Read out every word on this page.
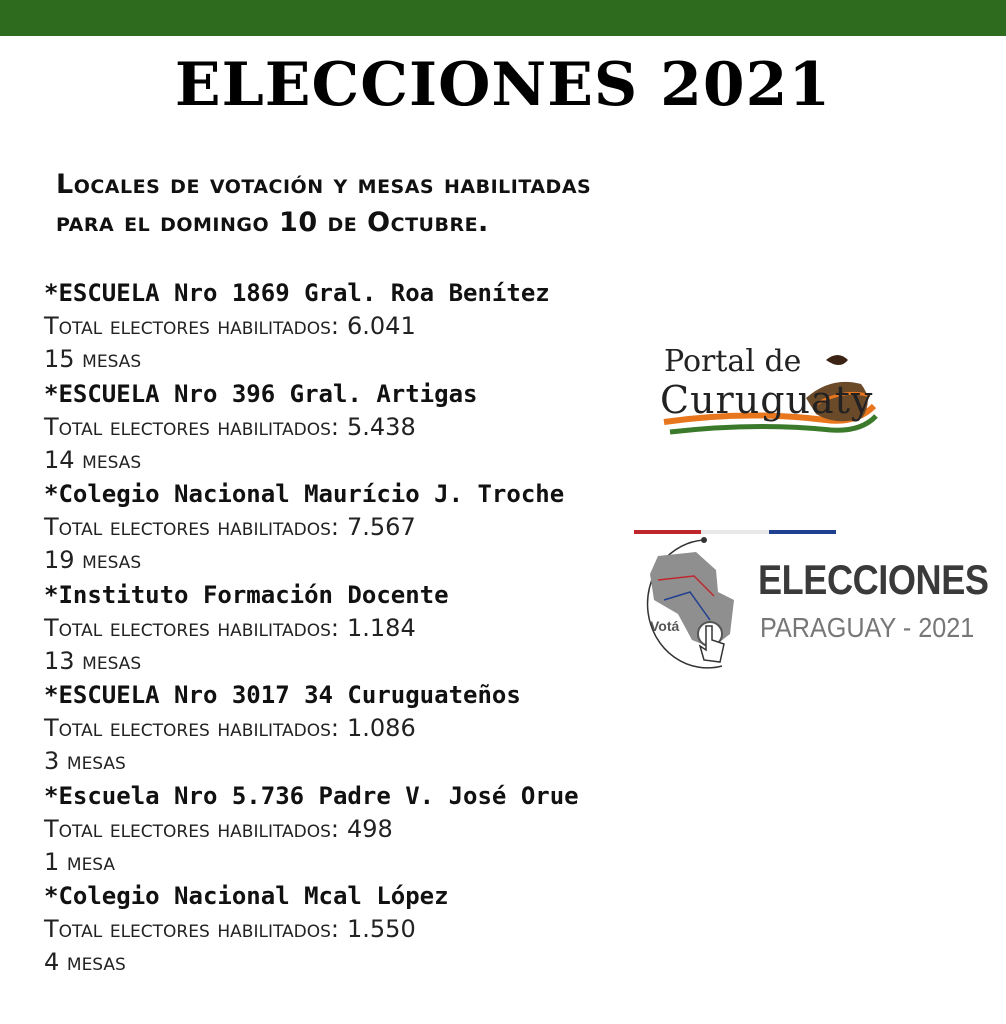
ELECCIONES 2021
Locales de votación y mesas habilitadas
para el domingo 10 de Octubre.
*ESCUELA Nro 1869 Gral. Roa Benítez
Total electores habilitados: 6.041
15 mesas
*ESCUELA Nro 396 Gral. Artigas
Total electores habilitados: 5.438
14 mesas
*Colegio Nacional Maurício J. Troche
Total electores habilitados: 7.567
19 mesas
*Instituto Formación Docente
Total electores habilitados: 1.184
13 mesas
*ESCUELA Nro 3017 34 Curuguateños
Total electores habilitados: 1.086
3 mesas
*Escuela Nro 5.736 Padre V. José Orue
Total electores habilitados: 498
1 mesa
*Colegio Nacional Mcal López
Total electores habilitados: 1.550
4 mesas
Portal de
Curuguaty
Votá
ELECCIONES
PARAGUAY - 2021
